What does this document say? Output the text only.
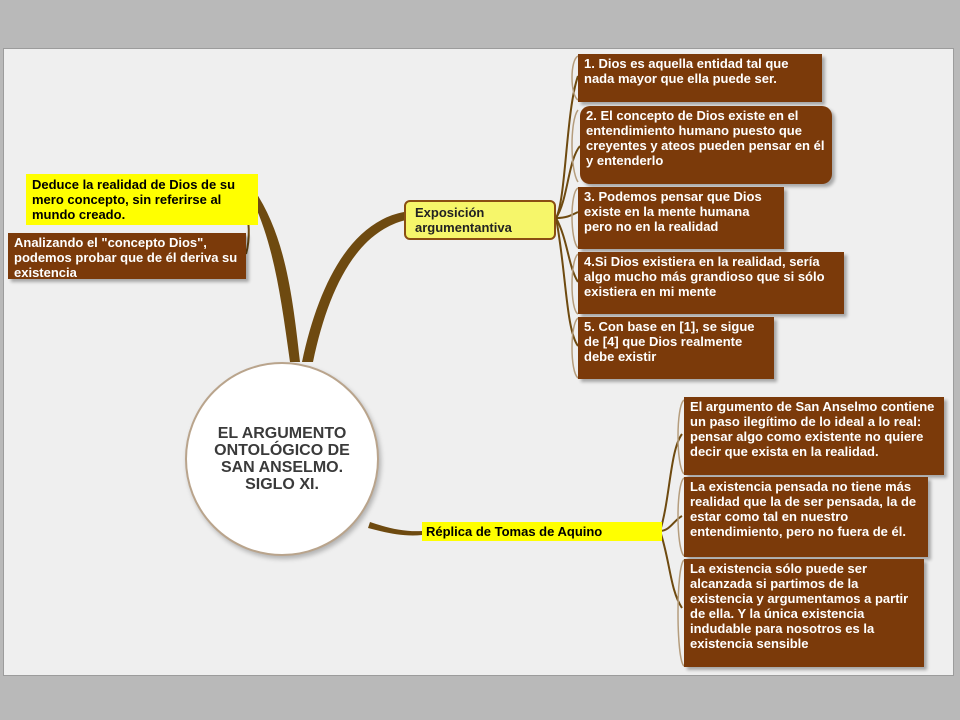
EL ARGUMENTO ONTOLÓGICO DE SAN ANSELMO. SIGLO XI.
Deduce la realidad de Dios de su mero concepto, sin referirse al mundo creado.
Analizando el "concepto Dios", podemos probar que de él deriva su existencia
Exposición argumentantiva
1. Dios es aquella entidad tal que nada mayor que ella puede ser.
2. El concepto de Dios existe en el entendimiento humano puesto que creyentes y ateos pueden pensar en él y entenderlo
3. Podemos pensar que Dios existe en la mente humana pero no en la realidad
4.Si Dios existiera en la realidad, sería algo mucho más grandioso que si sólo existiera en mi mente
5. Con base en [1], se sigue de [4] que Dios realmente debe existir
Réplica de Tomas de Aquino
El argumento de San Anselmo contiene un paso ilegítimo de lo ideal a lo real: pensar algo como existente no quiere decir que exista en la realidad.
La existencia pensada no tiene más realidad que la de ser pensada, la de estar como tal en nuestro entendimiento, pero no fuera de él.
La existencia sólo puede ser alcanzada si partimos de la existencia y argumentamos a partir de ella. Y la única existencia indudable para nosotros es la existencia sensible
